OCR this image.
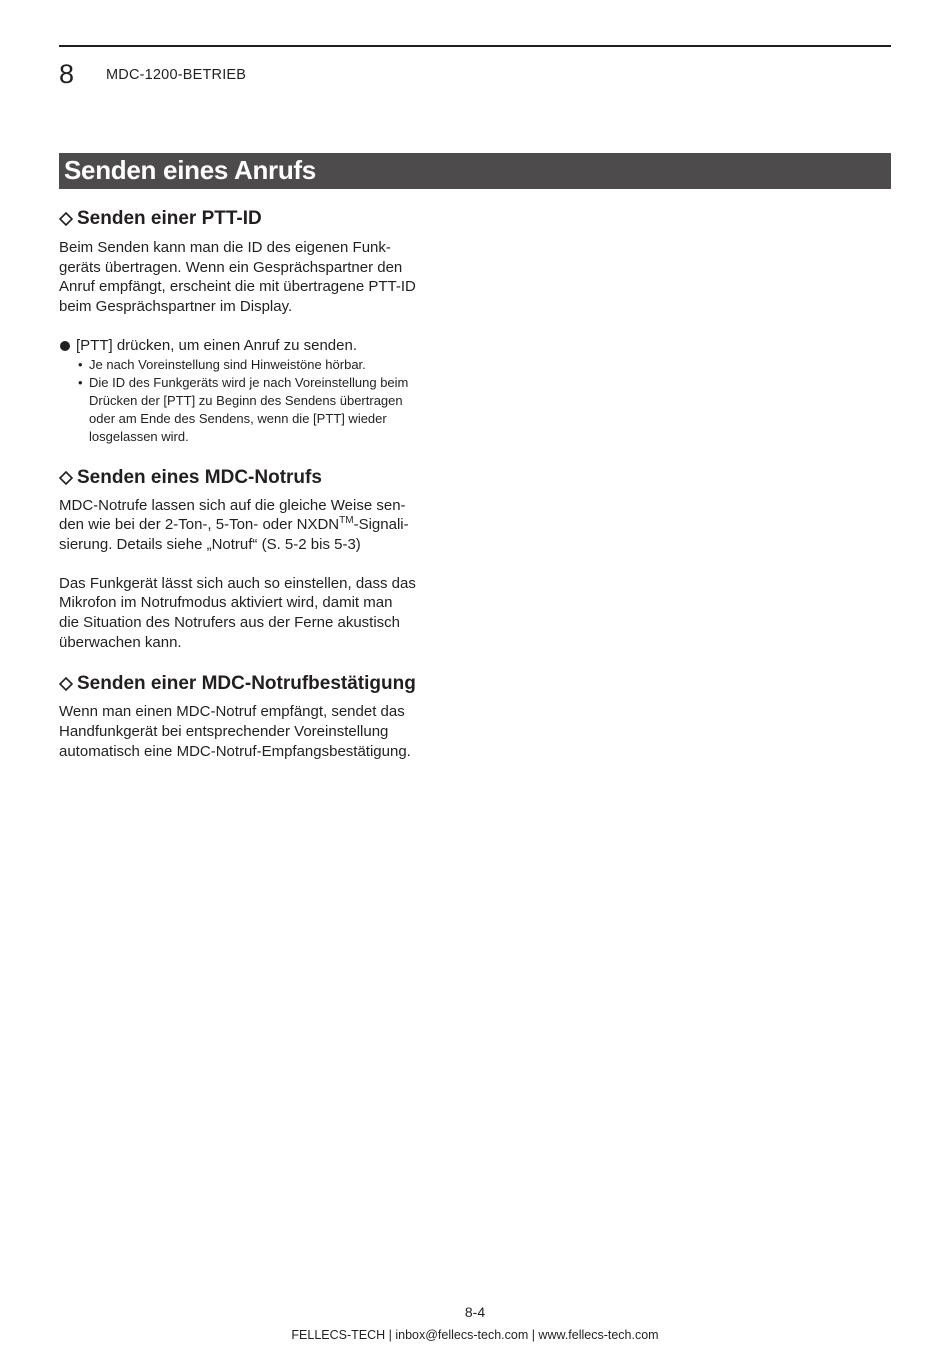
8 MDC-1200-BETRIEB
Senden eines Anrufs
Senden einer PTT-ID

Beim Senden kann man die ID des eigenen Funk-

geräts übertragen. Wenn ein Gesprächspartner den

Anruf empfängt, erscheint die mit übertragene PTT-ID

beim Gesprächspartner im Display.

[PTT] drücken, um einen Anruf zu senden.
• Je nach Voreinstellung sind Hinweistöne hörbar.
• Die ID des Funkgeräts wird je nach Voreinstellung beim
Drücken der [PTT] zu Beginn des Sendens übertragen
oder am Ende des Sendens, wenn die [PTT] wieder
losgelassen wird.
Senden eines MDC-Notrufs

MDC-Notrufe lassen sich auf die gleiche Weise sen-

den wie bei der 2-Ton-, 5-Ton- oder NXDN™-Signali-

sierung. Details siehe „Notruf“ (S. 5-2 bis 5-3)

Das Funkgerät lässt sich auch so einstellen, dass das

Mikrofon im Notrufmodus aktiviert wird, damit man

die Situation des Notrufers aus der Ferne akustisch

überwachen kann.

Senden einer MDC-Notrufbestätigung

Wenn man einen MDC-Notruf empfängt, sendet das

Handfunkgerät bei entsprechender Voreinstellung

automatisch eine MDC-Notruf-Empfangsbestätigung.

8-4
FELLECS-TECH | inbox@fellecs-tech.com | www.fellecs-tech.com
